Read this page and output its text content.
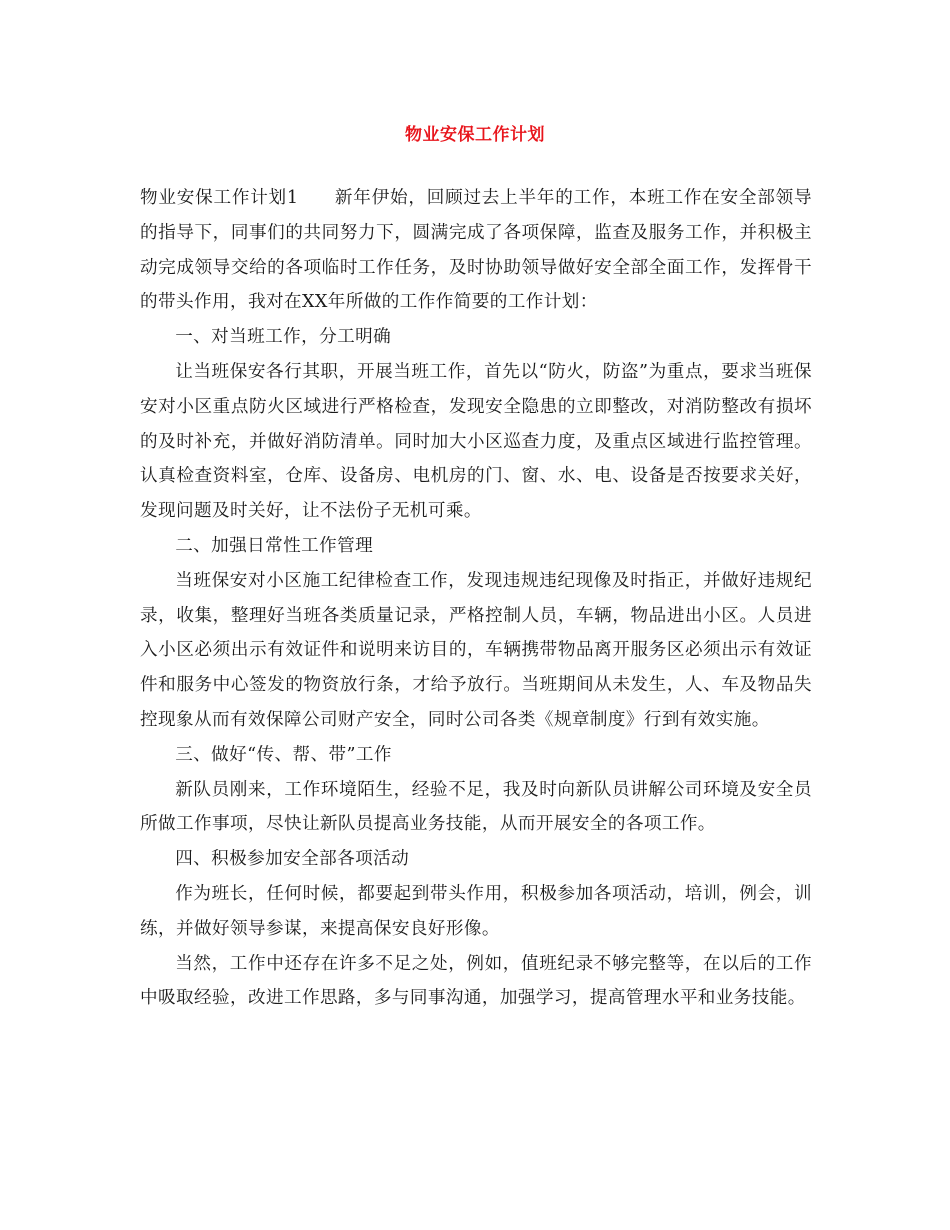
物业安保工作计划

物业安保工作计划1 新年伊始，回顾过去上半年的工作，本班工作在安全部领导的指导下，同事们的共同努力下，圆满完成了各项保障，监查及服务工作，并积极主动完成领导交给的各项临时工作任务，及时协助领导做好安全部全面工作，发挥骨干的带头作用，我对在XX年所做的工作作简要的工作计划：

一、对当班工作，分工明确

让当班保安各行其职，开展当班工作，首先以“防火，防盗”为重点，要求当班保安对小区重点防火区域进行严格检查，发现安全隐患的立即整改，对消防整改有损坏的及时补充，并做好消防清单。同时加大小区巡查力度，及重点区域进行监控管理。认真检查资料室，仓库、设备房、电机房的门、窗、水、电、设备是否按要求关好，发现问题及时关好，让不法份子无机可乘。

二、加强日常性工作管理

当班保安对小区施工纪律检查工作，发现违规违纪现像及时指正，并做好违规纪录，收集，整理好当班各类质量记录，严格控制人员，车辆，物品进出小区。人员进入小区必须出示有效证件和说明来访目的，车辆携带物品离开服务区必须出示有效证件和服务中心签发的物资放行条，才给予放行。当班期间从未发生，人、车及物品失控现象从而有效保障公司财产安全，同时公司各类《规章制度》行到有效实施。

三、做好“传、帮、带”工作

新队员刚来，工作环境陌生，经验不足，我及时向新队员讲解公司环境及安全员所做工作事项，尽快让新队员提高业务技能，从而开展安全的各项工作。

四、积极参加安全部各项活动

作为班长，任何时候，都要起到带头作用，积极参加各项活动，培训，例会，训练，并做好领导参谋，来提高保安良好形像。

当然，工作中还存在许多不足之处，例如，值班纪录不够完整等，在以后的工作中吸取经验，改进工作思路，多与同事沟通，加强学习，提高管理水平和业务技能。
